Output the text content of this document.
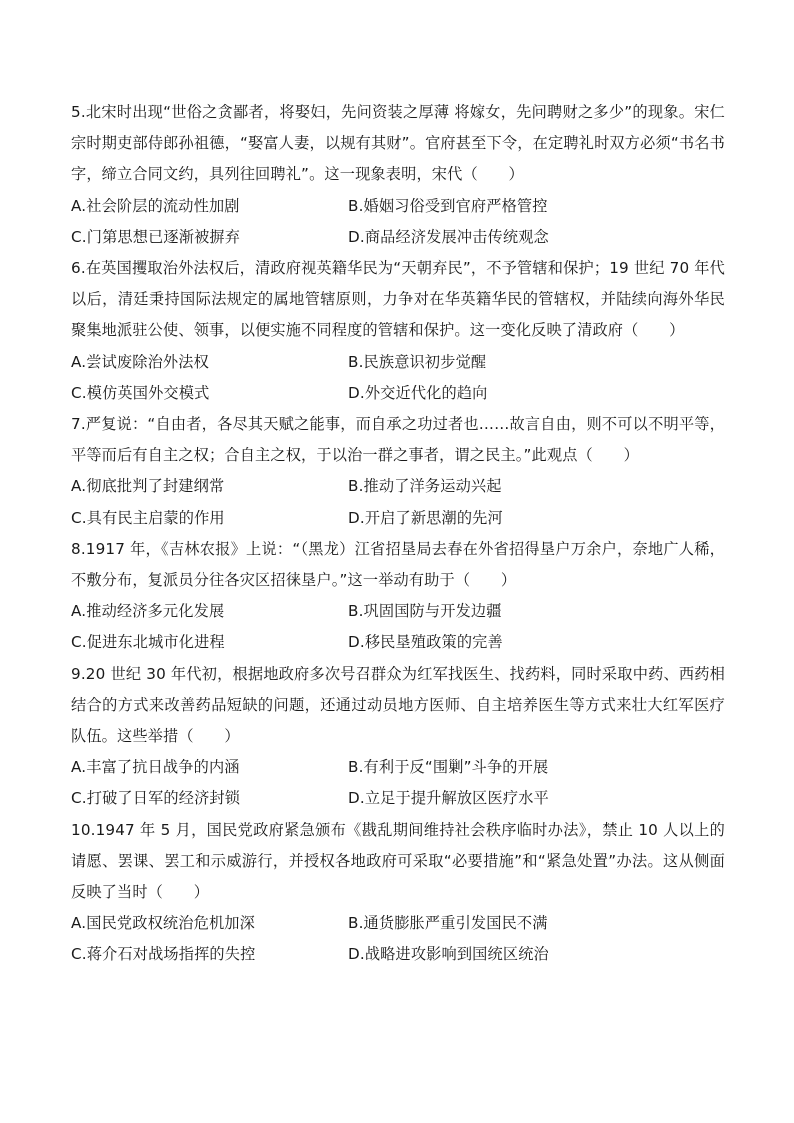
5.北宋时出现“世俗之贪鄙者，将娶妇，先问资装之厚薄 将嫁女，先问聘财之多少”的现象。宋仁宗时期吏部侍郎孙祖德，“娶富人妻，以规有其财”。官府甚至下令，在定聘礼时双方必须“书名书字，缔立合同文约，具列往回聘礼”。这一现象表明，宋代（　　）

A.社会阶层的流动性加剧	B.婚姻习俗受到官府严格管控
C.门第思想已逐渐被摒弃	D.商品经济发展冲击传统观念

6.在英国攫取治外法权后，清政府视英籍华民为“天朝弃民”，不予管辖和保护；19 世纪 70 年代以后，清廷秉持国际法规定的属地管辖原则，力争对在华英籍华民的管辖权，并陆续向海外华民聚集地派驻公使、领事，以便实施不同程度的管辖和保护。这一变化反映了清政府（　　）

A.尝试废除治外法权	B.民族意识初步觉醒
C.模仿英国外交模式	D.外交近代化的趋向

7.严复说：“自由者，各尽其天赋之能事，而自承之功过者也……故言自由，则不可以不明平等，平等而后有自主之权；合自主之权，于以治一群之事者，谓之民主。”此观点（　　）

A.彻底批判了封建纲常	B.推动了洋务运动兴起
C.具有民主启蒙的作用	D.开启了新思潮的先河

8.1917 年，《吉林农报》上说：“（黑龙）江省招垦局去春在外省招得垦户万余户，奈地广人稀，不敷分布，复派员分往各灾区招徕垦户。”这一举动有助于（　　）

A.推动经济多元化发展	B.巩固国防与开发边疆
C.促进东北城市化进程	D.移民垦殖政策的完善

9.20 世纪 30 年代初，根据地政府多次号召群众为红军找医生、找药料，同时采取中药、西药相结合的方式来改善药品短缺的问题，还通过动员地方医师、自主培养医生等方式来壮大红军医疗队伍。这些举措（　　）

A.丰富了抗日战争的内涵	B.有利于反“围剿”斗争的开展
C.打破了日军的经济封锁	D.立足于提升解放区医疗水平

10.1947 年 5 月，国民党政府紧急颁布《戡乱期间维持社会秩序临时办法》，禁止 10 人以上的请愿、罢课、罢工和示威游行，并授权各地政府可采取“必要措施”和“紧急处置”办法。这从侧面反映了当时（　　）

A.国民党政权统治危机加深	B.通货膨胀严重引发国民不满
C.蒋介石对战场指挥的失控	D.战略进攻影响到国统区统治
